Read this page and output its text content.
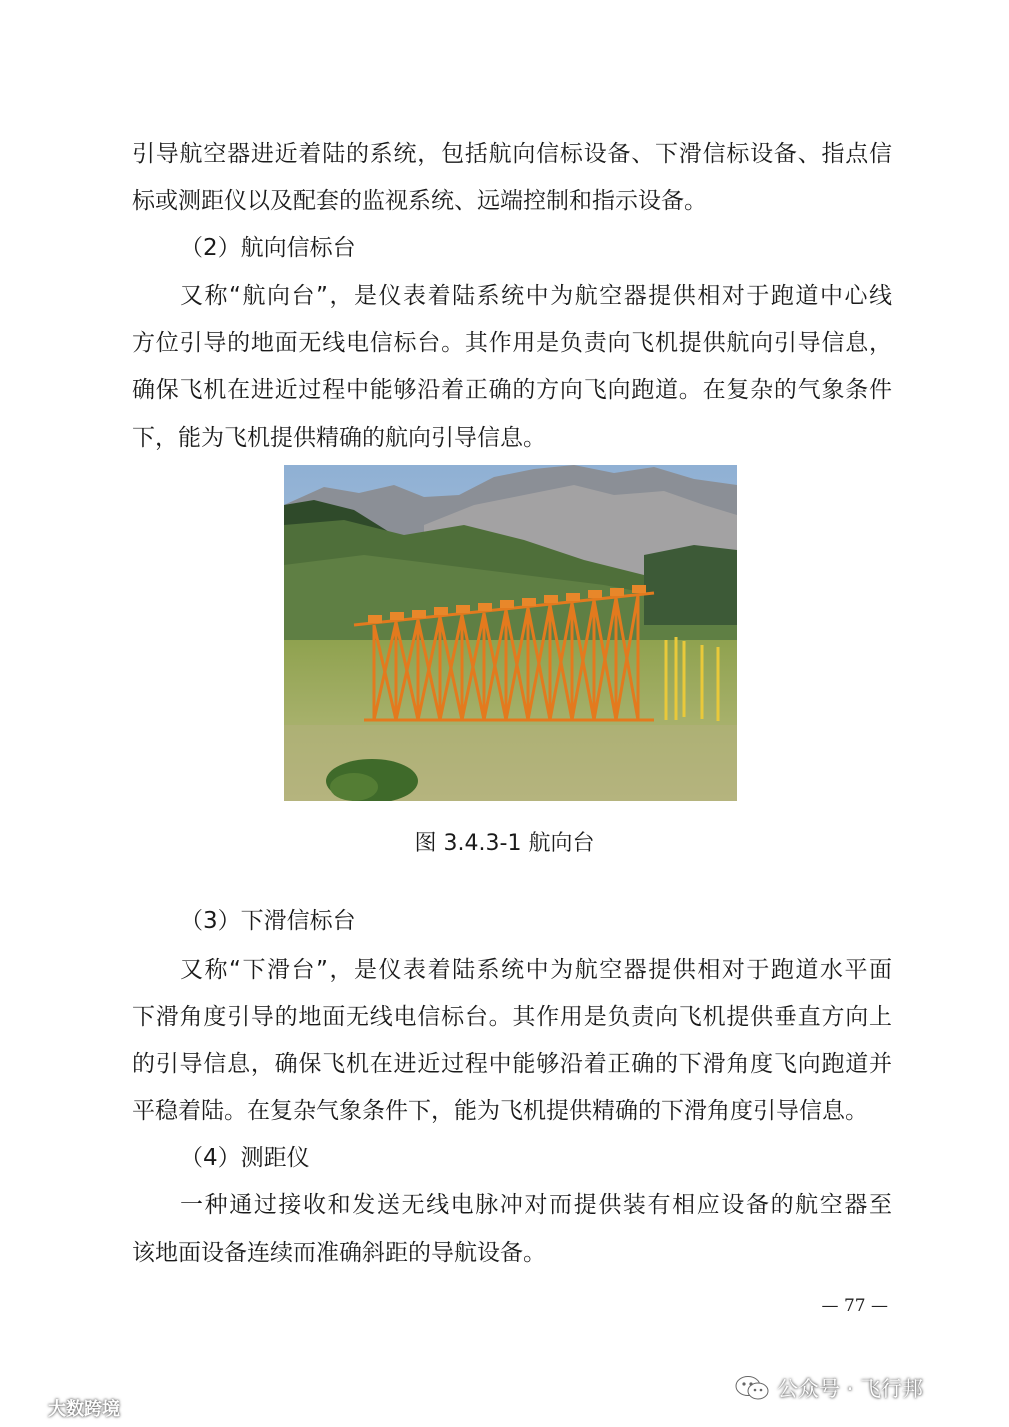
引导航空器进近着陆的系统，包括航向信标设备、下滑信标设备、指点信
标或测距仪以及配套的监视系统、远端控制和指示设备。
（2）航向信标台
又称“航向台”，是仪表着陆系统中为航空器提供相对于跑道中心线
方位引导的地面无线电信标台。其作用是负责向飞机提供航向引导信息，
确保飞机在进近过程中能够沿着正确的方向飞向跑道。在复杂的气象条件
下，能为飞机提供精确的航向引导信息。
图 3.4.3-1 航向台
（3）下滑信标台
又称“下滑台”，是仪表着陆系统中为航空器提供相对于跑道水平面
下滑角度引导的地面无线电信标台。其作用是负责向飞机提供垂直方向上
的引导信息，确保飞机在进近过程中能够沿着正确的下滑角度飞向跑道并
平稳着陆。在复杂气象条件下，能为飞机提供精确的下滑角度引导信息。
（4）测距仪
一种通过接收和发送无线电脉冲对而提供装有相应设备的航空器至
该地面设备连续而准确斜距的导航设备。
— 77 —
公众号 · 飞行邦
大数跨境
